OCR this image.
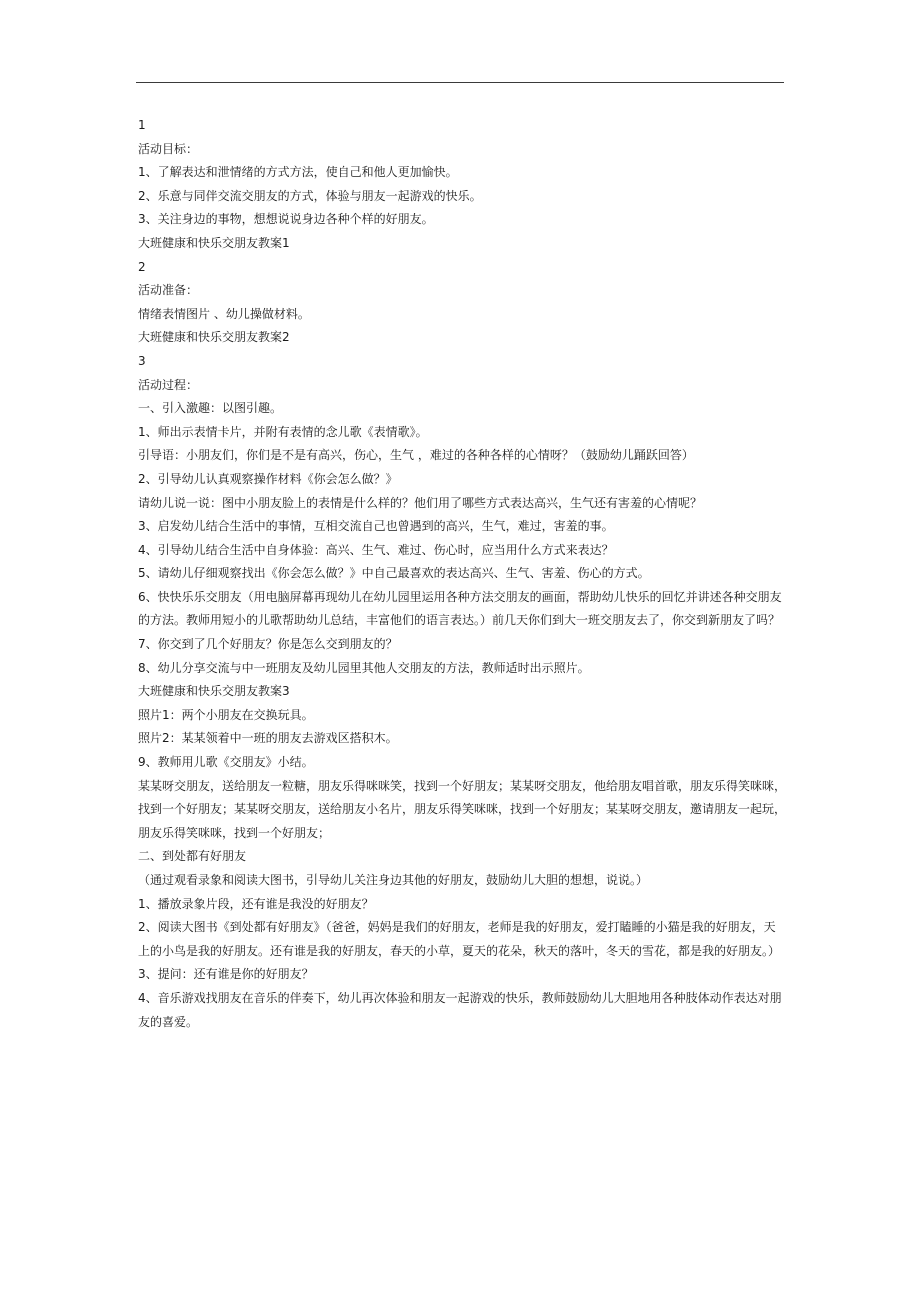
1

活动目标：

1、了解表达和泄情绪的方式方法，使自己和他人更加愉快。

2、乐意与同伴交流交朋友的方式，体验与朋友一起游戏的快乐。

3、关注身边的事物，想想说说身边各种个样的好朋友。

大班健康和快乐交朋友教案1

2

活动准备：

情绪表情图片 、幼儿操做材料。

大班健康和快乐交朋友教案2

3

活动过程：

一、引入激趣：以图引趣。

1、师出示表情卡片，并附有表情的念儿歌《表情歌》。

引导语：小朋友们，你们是不是有高兴，伤心，生气 ，难过的各种各样的心情呀？（鼓励幼儿踊跃回答）

2、引导幼儿认真观察操作材料《你会怎么做？》

请幼儿说一说：图中小朋友脸上的表情是什么样的？他们用了哪些方式表达高兴，生气还有害羞的心情呢？

3、启发幼儿结合生活中的事情，互相交流自己也曾遇到的高兴，生气，难过，害羞的事。

4、引导幼儿结合生活中自身体验：高兴、生气、难过、伤心时，应当用什么方式来表达？

5、请幼儿仔细观察找出《你会怎么做？》中自己最喜欢的表达高兴、生气、害羞、伤心的方式。

6、快快乐乐交朋友（用电脑屏幕再现幼儿在幼儿园里运用各种方法交朋友的画面，帮助幼儿快乐的回忆并讲述各种交朋友的方法。教师用短小的儿歌帮助幼儿总结，丰富他们的语言表达。）前几天你们到大一班交朋友去了，你交到新朋友了吗？

7、你交到了几个好朋友？你是怎么交到朋友的？

8、幼儿分享交流与中一班朋友及幼儿园里其他人交朋友的方法，教师适时出示照片。

大班健康和快乐交朋友教案3

照片1：两个小朋友在交换玩具。

照片2：某某领着中一班的朋友去游戏区搭积木。

9、教师用儿歌《交朋友》小结。

某某呀交朋友，送给朋友一粒糖，朋友乐得咪咪笑，找到一个好朋友；某某呀交朋友，他给朋友唱首歌，朋友乐得笑咪咪，找到一个好朋友；某某呀交朋友，送给朋友小名片，朋友乐得笑咪咪，找到一个好朋友；某某呀交朋友，邀请朋友一起玩，朋友乐得笑咪咪，找到一个好朋友；

二、到处都有好朋友

（通过观看录象和阅读大图书，引导幼儿关注身边其他的好朋友，鼓励幼儿大胆的想想，说说。）

1、播放录象片段，还有谁是我没的好朋友？

2、阅读大图书《到处都有好朋友》（爸爸，妈妈是我们的好朋友，老师是我的好朋友，爱打瞌睡的小猫是我的好朋友，天上的小鸟是我的好朋友。还有谁是我的好朋友，春天的小草，夏天的花朵，秋天的落叶，冬天的雪花，都是我的好朋友。）

3、提问：还有谁是你的好朋友？

4、音乐游戏找朋友在音乐的伴奏下，幼儿再次体验和朋友一起游戏的快乐，教师鼓励幼儿大胆地用各种肢体动作表达对朋友的喜爱。
